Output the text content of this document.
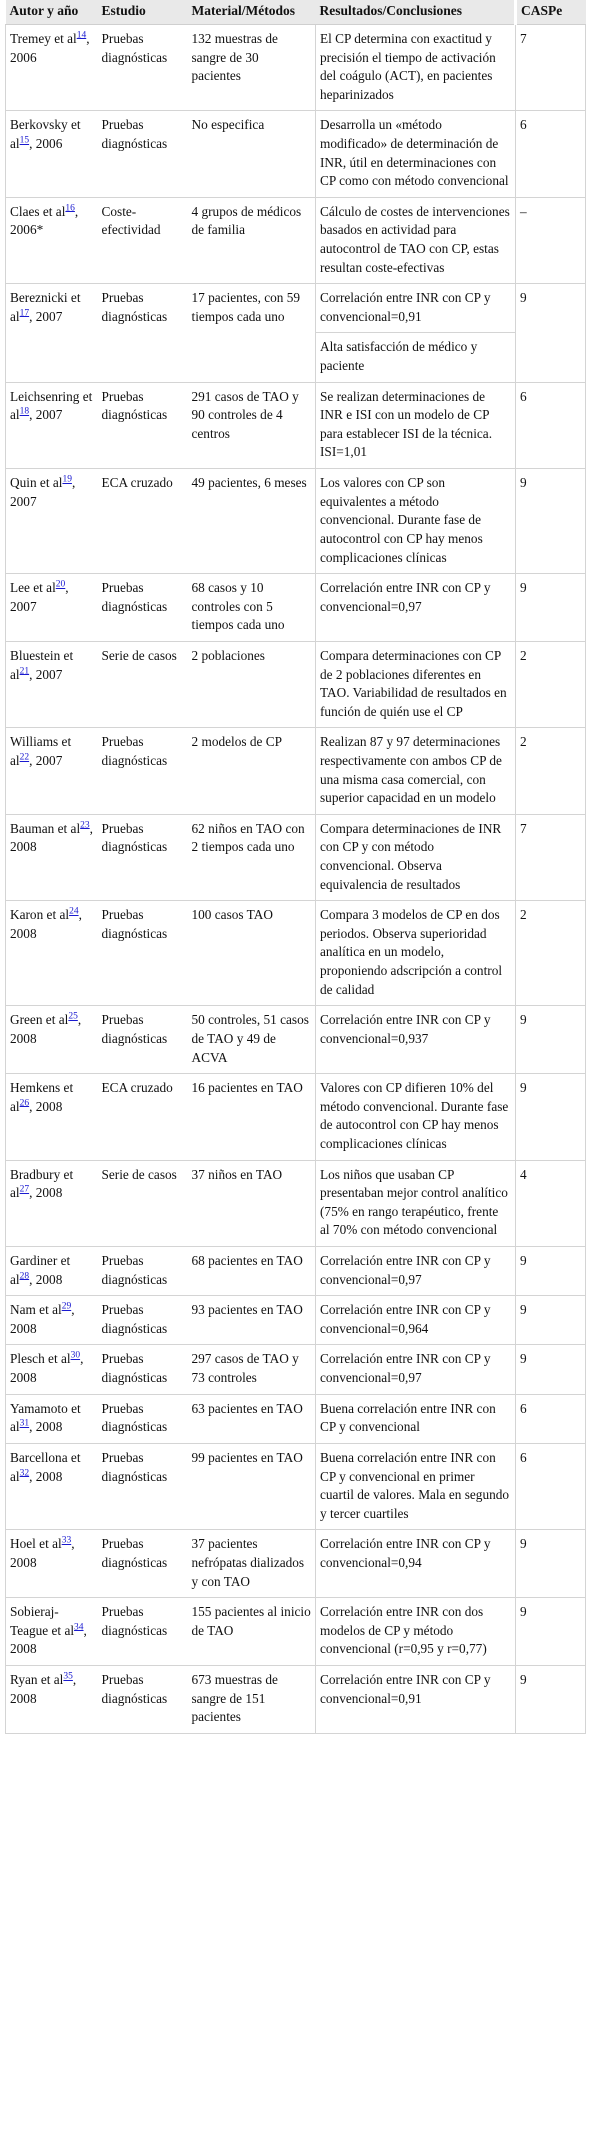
Autor y año	Estudio	Material/Métodos	Resultados/Conclusiones	CASPe
Tremey et al$^{14}$, 2006	Pruebas diagnósticas	132 muestras de sangre de 30 pacientes	El CP determina con exactitud y precisión el tiempo de activación del coágulo (ACT), en pacientes heparinizados	7
Berkovsky et al$^{15}$, 2006	Pruebas diagnósticas	No especifica	Desarrolla un «método modificado» de determinación de INR, útil en determinaciones con CP como con método convencional	6
Claes et al$^{16}$, 2006*	Coste-efectividad	4 grupos de médicos de familia	Cálculo de costes de intervenciones basados en actividad para autocontrol de TAO con CP, estas resultan coste-efectivas	–
Bereznicki et al$^{17}$, 2007	Pruebas diagnósticas	17 pacientes, con 59 tiempos cada uno	Correlación entre INR con CP y convencional=0,91	9
			Alta satisfacción de médico y paciente	
Leichsenring et al$^{18}$, 2007	Pruebas diagnósticas	291 casos de TAO y 90 controles de 4 centros	Se realizan determinaciones de INR e ISI con un modelo de CP para establecer ISI de la técnica. ISI=1,01	6
Quin et al$^{19}$, 2007	ECA cruzado	49 pacientes, 6 meses	Los valores con CP son equivalentes a método convencional. Durante fase de autocontrol con CP hay menos complicaciones clínicas	9
Lee et al$^{20}$, 2007	Pruebas diagnósticas	68 casos y 10 controles con 5 tiempos cada uno	Correlación entre INR con CP y convencional=0,97	9
Bluestein et al$^{21}$, 2007	Serie de casos	2 poblaciones	Compara determinaciones con CP de 2 poblaciones diferentes en TAO. Variabilidad de resultados en función de quién use el CP	2
Williams et al$^{22}$, 2007	Pruebas diagnósticas	2 modelos de CP	Realizan 87 y 97 determinaciones respectivamente con ambos CP de una misma casa comercial, con superior capacidad en un modelo	2
Bauman et al$^{23}$, 2008	Pruebas diagnósticas	62 niños en TAO con 2 tiempos cada uno	Compara determinaciones de INR con CP y con método convencional. Observa equivalencia de resultados	7
Karon et al$^{24}$, 2008	Pruebas diagnósticas	100 casos TAO	Compara 3 modelos de CP en dos periodos. Observa superioridad analítica en un modelo, proponiendo adscripción a control de calidad	2
Green et al$^{25}$, 2008	Pruebas diagnósticas	50 controles, 51 casos de TAO y 49 de ACVA	Correlación entre INR con CP y convencional=0,937	9
Hemkens et al$^{26}$, 2008	ECA cruzado	16 pacientes en TAO	Valores con CP difieren 10% del método convencional. Durante fase de autocontrol con CP hay menos complicaciones clínicas	9
Bradbury et al$^{27}$, 2008	Serie de casos	37 niños en TAO	Los niños que usaban CP presentaban mejor control analítico (75% en rango terapéutico, frente al 70% con método convencional	4
Gardiner et al$^{28}$, 2008	Pruebas diagnósticas	68 pacientes en TAO	Correlación entre INR con CP y convencional=0,97	9
Nam et al$^{29}$, 2008	Pruebas diagnósticas	93 pacientes en TAO	Correlación entre INR con CP y convencional=0,964	9
Plesch et al$^{30}$, 2008	Pruebas diagnósticas	297 casos de TAO y 73 controles	Correlación entre INR con CP y convencional=0,97	9
Yamamoto et al$^{31}$, 2008	Pruebas diagnósticas	63 pacientes en TAO	Buena correlación entre INR con CP y convencional	6
Barcellona et al$^{32}$, 2008	Pruebas diagnósticas	99 pacientes en TAO	Buena correlación entre INR con CP y convencional en primer cuartil de valores. Mala en segundo y tercer cuartiles	6
Hoel et al$^{33}$, 2008	Pruebas diagnósticas	37 pacientes nefrópatas dializados y con TAO	Correlación entre INR con CP y convencional=0,94	9
Sobieraj-Teague et al$^{34}$, 2008	Pruebas diagnósticas	155 pacientes al inicio de TAO	Correlación entre INR con dos modelos de CP y método convencional (r=0,95 y r=0,77)	9
Ryan et al$^{35}$, 2008	Pruebas diagnósticas	673 muestras de sangre de 151 pacientes	Correlación entre INR con CP y convencional=0,91	9
